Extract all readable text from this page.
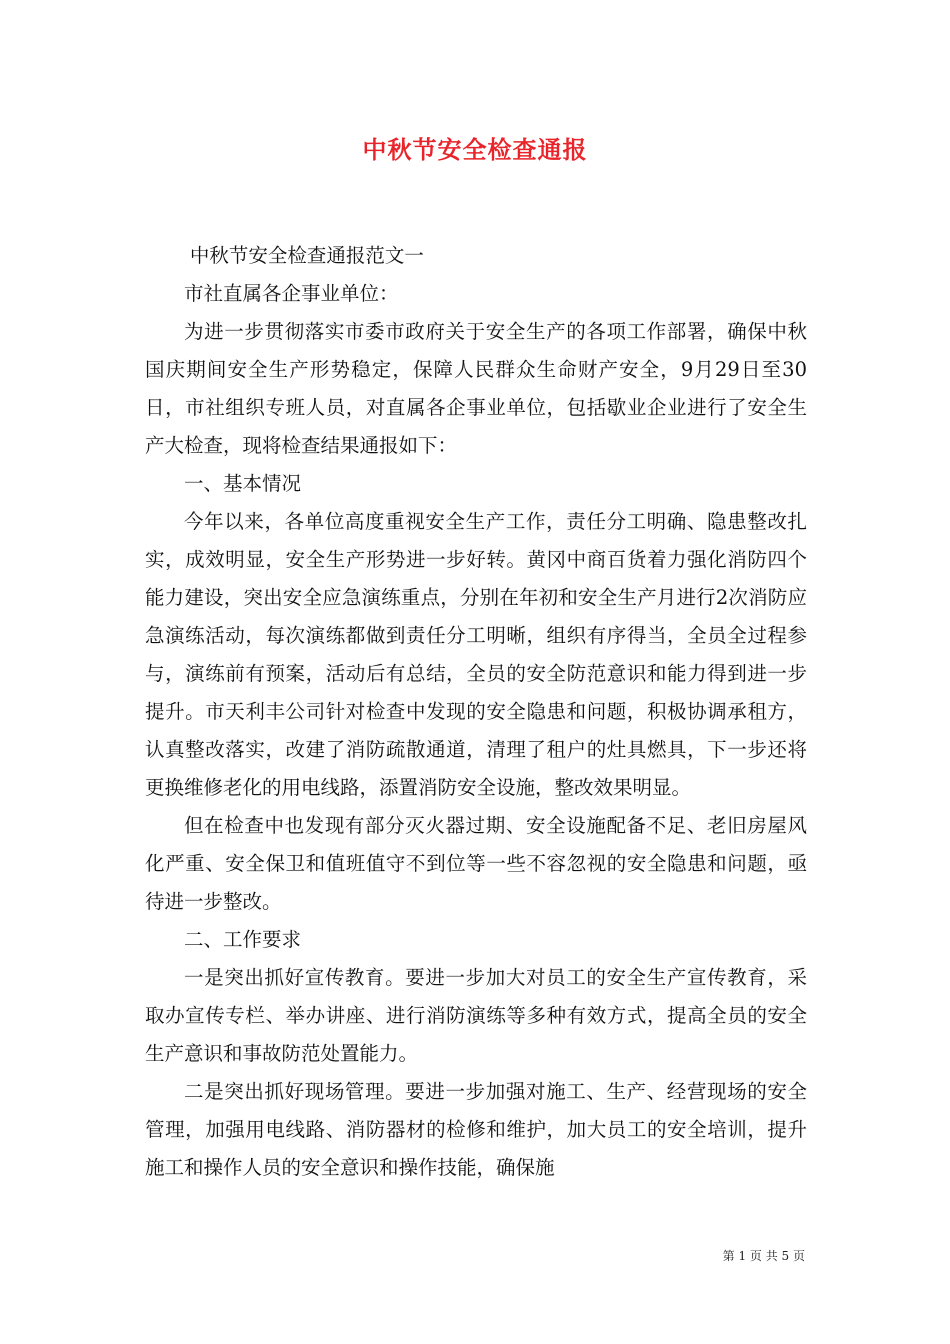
中秋节安全检查通报

中秋节安全检查通报范文一

市社直属各企事业单位：

为进一步贯彻落实市委市政府关于安全生产的各项工作部署，确保中秋国庆期间安全生产形势稳定，保障人民群众生命财产安全，9月29日至30日，市社组织专班人员，对直属各企事业单位，包括歇业企业进行了安全生产大检查，现将检查结果通报如下：

一、基本情况

今年以来，各单位高度重视安全生产工作，责任分工明确、隐患整改扎实，成效明显，安全生产形势进一步好转。黄冈中商百货着力强化消防四个能力建设，突出安全应急演练重点，分别在年初和安全生产月进行2次消防应急演练活动，每次演练都做到责任分工明晰，组织有序得当，全员全过程参与，演练前有预案，活动后有总结，全员的安全防范意识和能力得到进一步提升。市天利丰公司针对检查中发现的安全隐患和问题，积极协调承租方，认真整改落实，改建了消防疏散通道，清理了租户的灶具燃具，下一步还将更换维修老化的用电线路，添置消防安全设施，整改效果明显。

但在检查中也发现有部分灭火器过期、安全设施配备不足、老旧房屋风化严重、安全保卫和值班值守不到位等一些不容忽视的安全隐患和问题，亟待进一步整改。

二、工作要求

一是突出抓好宣传教育。要进一步加大对员工的安全生产宣传教育，采取办宣传专栏、举办讲座、进行消防演练等多种有效方式，提高全员的安全生产意识和事故防范处置能力。

二是突出抓好现场管理。要进一步加强对施工、生产、经营现场的安全管理，加强用电线路、消防器材的检修和维护，加大员工的安全培训，提升施工和操作人员的安全意识和操作技能，确保施

第 1 页 共 5 页
